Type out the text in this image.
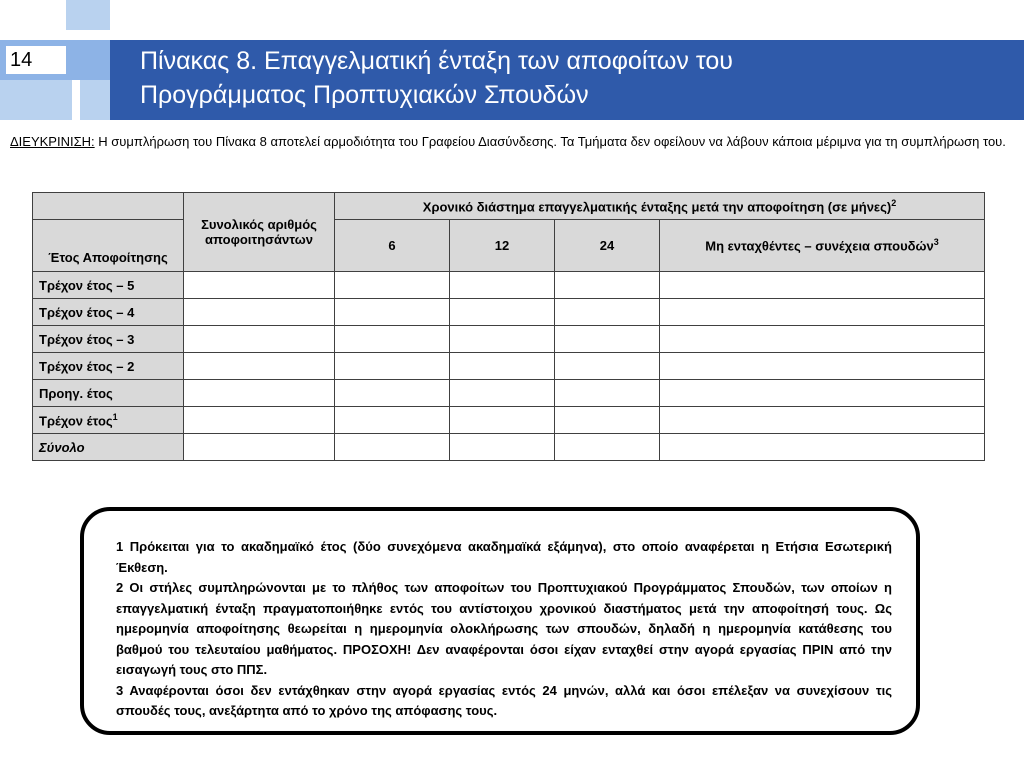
14	Πίνακας 8. Επαγγελματική ένταξη των αποφοίτων του
Προγράμματος Προπτυχιακών Σπουδών
ΔΙΕΥΚΡΙΝΙΣΗ: Η συμπλήρωση του Πίνακα 8 αποτελεί αρμοδιότητα του Γραφείου Διασύνδεσης. Τα Τμήματα δεν οφείλουν να λάβουν κάποια μέριμνα για τη συμπλήρωση του.
	Συνολικός αριθμός αποφοιτησάντων	Χρονικό διάστημα επαγγελματικής ένταξης μετά την αποφοίτηση (σε μήνες)$^2$
Έτος Αποφοίτησης		6	12	24	Μη ενταχθέντες – συνέχεια σπουδών$^3$
Τρέχον έτος – 5					
Τρέχον έτος – 4					
Τρέχον έτος – 3					
Τρέχον έτος – 2					
Προηγ. έτος					
Τρέχον έτος$^1$					
Σύνολο					

1 Πρόκειται για το ακαδημαϊκό έτος (δύο συνεχόμενα ακαδημαϊκά εξάμηνα), στο οποίο αναφέρεται η Ετήσια Εσωτερική Έκθεση.

2 Οι στήλες συμπληρώνονται με το πλήθος των αποφοίτων του Προπτυχιακού Προγράμματος Σπουδών, των οποίων η επαγγελματική ένταξη πραγματοποιήθηκε εντός του αντίστοιχου χρονικού διαστήματος μετά την αποφοίτησή τους. Ως ημερομηνία αποφοίτησης θεωρείται η ημερομηνία ολοκλήρωσης των σπουδών, δηλαδή η ημερομηνία κατάθεσης του βαθμού του τελευταίου μαθήματος. ΠΡΟΣΟΧΗ! Δεν αναφέρονται όσοι είχαν ενταχθεί στην αγορά εργασίας ΠΡΙΝ από την εισαγωγή τους στο ΠΠΣ.

3 Αναφέρονται όσοι δεν εντάχθηκαν στην αγορά εργασίας εντός 24 μηνών, αλλά και όσοι επέλεξαν να συνεχίσουν τις σπουδές τους, ανεξάρτητα από το χρόνο της απόφασης τους.
